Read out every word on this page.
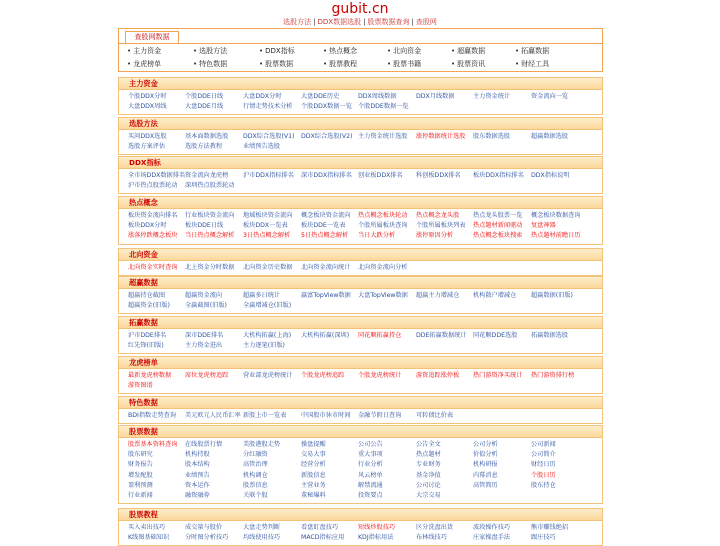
gubit.cn
选股方法 | DDX数据选股 | 股票数据查询 | 查股网
查股网数据
• 主力资金	• 选股方法	• DDX指标	• 热点概念	• 北向资金	• 超赢数据	• 拓赢数据
• 龙虎榜单	• 特色数据	• 股票数据	• 股票教程	• 股票书籍	• 股票资讯	• 财经工具
主力资金
个股DDX分时	个股DDE日线	大盘DDX分时	大盘DDE历史	DDX周线数据	DDX月线数据	主力资金统计	资金流向一览
大盘DDX周线	大盘DDE月线	行情走势技术分析 个股DDX数据一览 个股DDE数据一览
选股方法
买问DDX选股	基本面数据选股 DDX综合选股(V1) DDX综合选股(V2) 主力资金统计选股 涨停数据统计选股 股东数据选股	超赢数据选股
选股方案评估	选股方法教程	业绩预告选股
DDX指标
全市场DDX数据排名 资金流向龙虎榜 沪市DDX指标排名 深市DDX指标排名 创业板DDX排名 科创板DDX排名 板块DDX指标排名 DDX指标说明
沪市热点股票轮动 深圳热点股票轮动
热点概念
板块资金流向排名 行业板块资金流向 地域板块资金流向 概念板块资金流向 热点概念板块轮动 热点概念龙头股 热点龙头股票一览 概念板块数据查询
板块DDX分时	板块DDE日线	板块DDX一览表 板块DDE一览表 个股所属板块查询 个股所属板块列表 热点题材新闻驱动 复盘神器
涨落停跌概念板块 当日热点概念解析 3日热点概念解析 5日热点概念解析 当日大跌分析	涨停原因分析	热点概念板块搜索 热点题材前瞻日历
北向资金
北向资金实时查询 北上资金分时数据 北向资金历史数据 北向资金流向统计 北向资金流向分析
超赢数据
超赢持仓截图	超赢资金流向	超赢多日统计	赢富TopView数据 大盘TopView数据 超赢主力增减仓 机构散户增减仓 超赢数据(旧版)
超赢资金(旧版) 全赢截图(旧版)	全赢增减仓(旧版)
拓赢数据
沪市DDE排名	深市DDE排名	大机构拓赢(上海) 大机构拓赢(深圳) 同花顺拓赢持仓 DDE拓赢数据统计 同花顺DDE选股 拓赢数据选股
红先锋(旧版)	主力资金进出	主力逐笔(旧版)
龙虎榜单
最新龙虎榜数据 席位龙虎榜追踪 营业部龙虎榜统计 个股龙虎榜追踪 个股龙虎榜统计 游资追踪涨停板 热门游资净买统计 热门游资排行榜
游资图谱
特色数据
BDI指数走势查询 美元欧元人民币汇率 新股上市一览表 中国股市休市时间 金融节假日查询 可转债比价表
股票数据
股票基本资料查询 在线股票行情	美股港股走势	操盘提醒	公司公告	公告全文	公司分析	公司新闻
股东研究	机构持股	分红融资	交易大事	重大事项	热点题材	价值分析	公司简介
财务报告	股本结构	高管治理	经营分析	行业分析	专业财务	机构研报	财经日历
增发配股	业绩预告	机构调仓	新股信息	风云榜单	基金净值	内幕消息	个股日历
盈利预测	资本运作	股票信息	主营业务	解禁流通	公司讨论	高管简历	股东持仓
行业新闻	融资融券	关联个股	董秘爆料	投资要点	大宗交易
股票教程
买入卖出技巧	成交量与股价	大盘走势判断	看盘盯盘技巧	短线炒股技巧	区分洗盘出货	波段操作技巧	熊市赚钱绝招
K线图基础知识	分时图分析技巧 均线使用技巧	MACD指标应用 KDJ指标用法	布林线技巧	庄家操盘手法	跟庄技巧
